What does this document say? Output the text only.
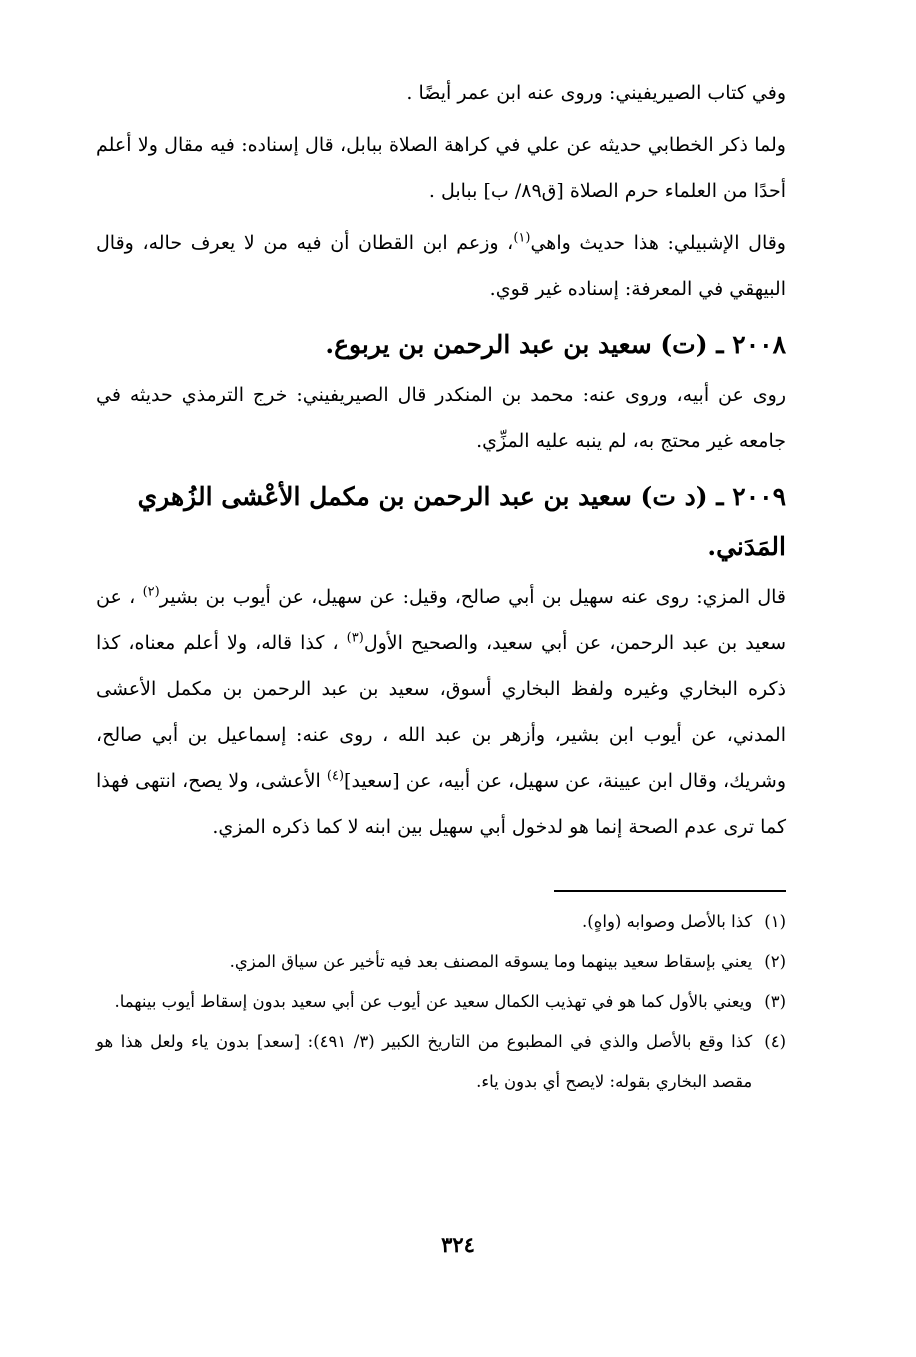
وفي كتاب الصيريفيني: وروى عنه ابن عمر أيضًا .

ولما ذكر الخطابي حديثه عن علي في كراهة الصلاة ببابل، قال إسناده: فيه مقال ولا أعلم أحدًا من العلماء حرم الصلاة [ق٨٩/ ب] ببابل .

وقال الإشبيلي: هذا حديث واهي$^{(١)}$، وزعم ابن القطان أن فيه من لا يعرف حاله، وقال البيهقي في المعرفة: إسناده غير قوي.

٢٠٠٨ ـ (ت) سعيد بن عبد الرحمن بن يربوع.

روى عن أبيه، وروى عنه: محمد بن المنكدر قال الصيريفيني: خرج الترمذي حديثه في جامعه غير محتج به، لم ينبه عليه المزِّي.

٢٠٠٩ ـ (د ت) سعيد بن عبد الرحمن بن مكمل الأعْشى الزُهري المَدَني.

قال المزي: روى عنه سهيل بن أبي صالح، وقيل: عن سهيل، عن أيوب بن بشير$^{(٢)}$ ، عن سعيد بن عبد الرحمن، عن أبي سعيد، والصحيح الأول$^{(٣)}$ ، كذا قاله، ولا أعلم معناه، كذا ذكره البخاري وغيره ولفظ البخاري أسوق، سعيد بن عبد الرحمن بن مكمل الأعشى المدني، عن أيوب ابن بشير، وأزهر بن عبد الله ، روى عنه: إسماعيل بن أبي صالح، وشريك، وقال ابن عيينة، عن سهيل، عن أبيه، عن [سعيد]$^{(٤)}$ الأعشى، ولا يصح، انتهى فهذا كما ترى عدم الصحة إنما هو لدخول أبي سهيل بين ابنه لا كما ذكره المزي.

(١)
كذا بالأصل وصوابه (واهٍ).

(٢)
يعني بإسقاط سعيد بينهما وما يسوقه المصنف بعد فيه تأخير عن سياق المزي.

(٣)
ويعني بالأول كما هو في تهذيب الكمال سعيد عن أيوب عن أبي سعيد بدون إسقاط أيوب بينهما.

(٤)
كذا وقع بالأصل والذي في المطبوع من التاريخ الكبير (٣/ ٤٩١): [سعد] بدون ياء ولعل هذا هو مقصد البخاري بقوله: لايصح أي بدون ياء.

٣٢٤
